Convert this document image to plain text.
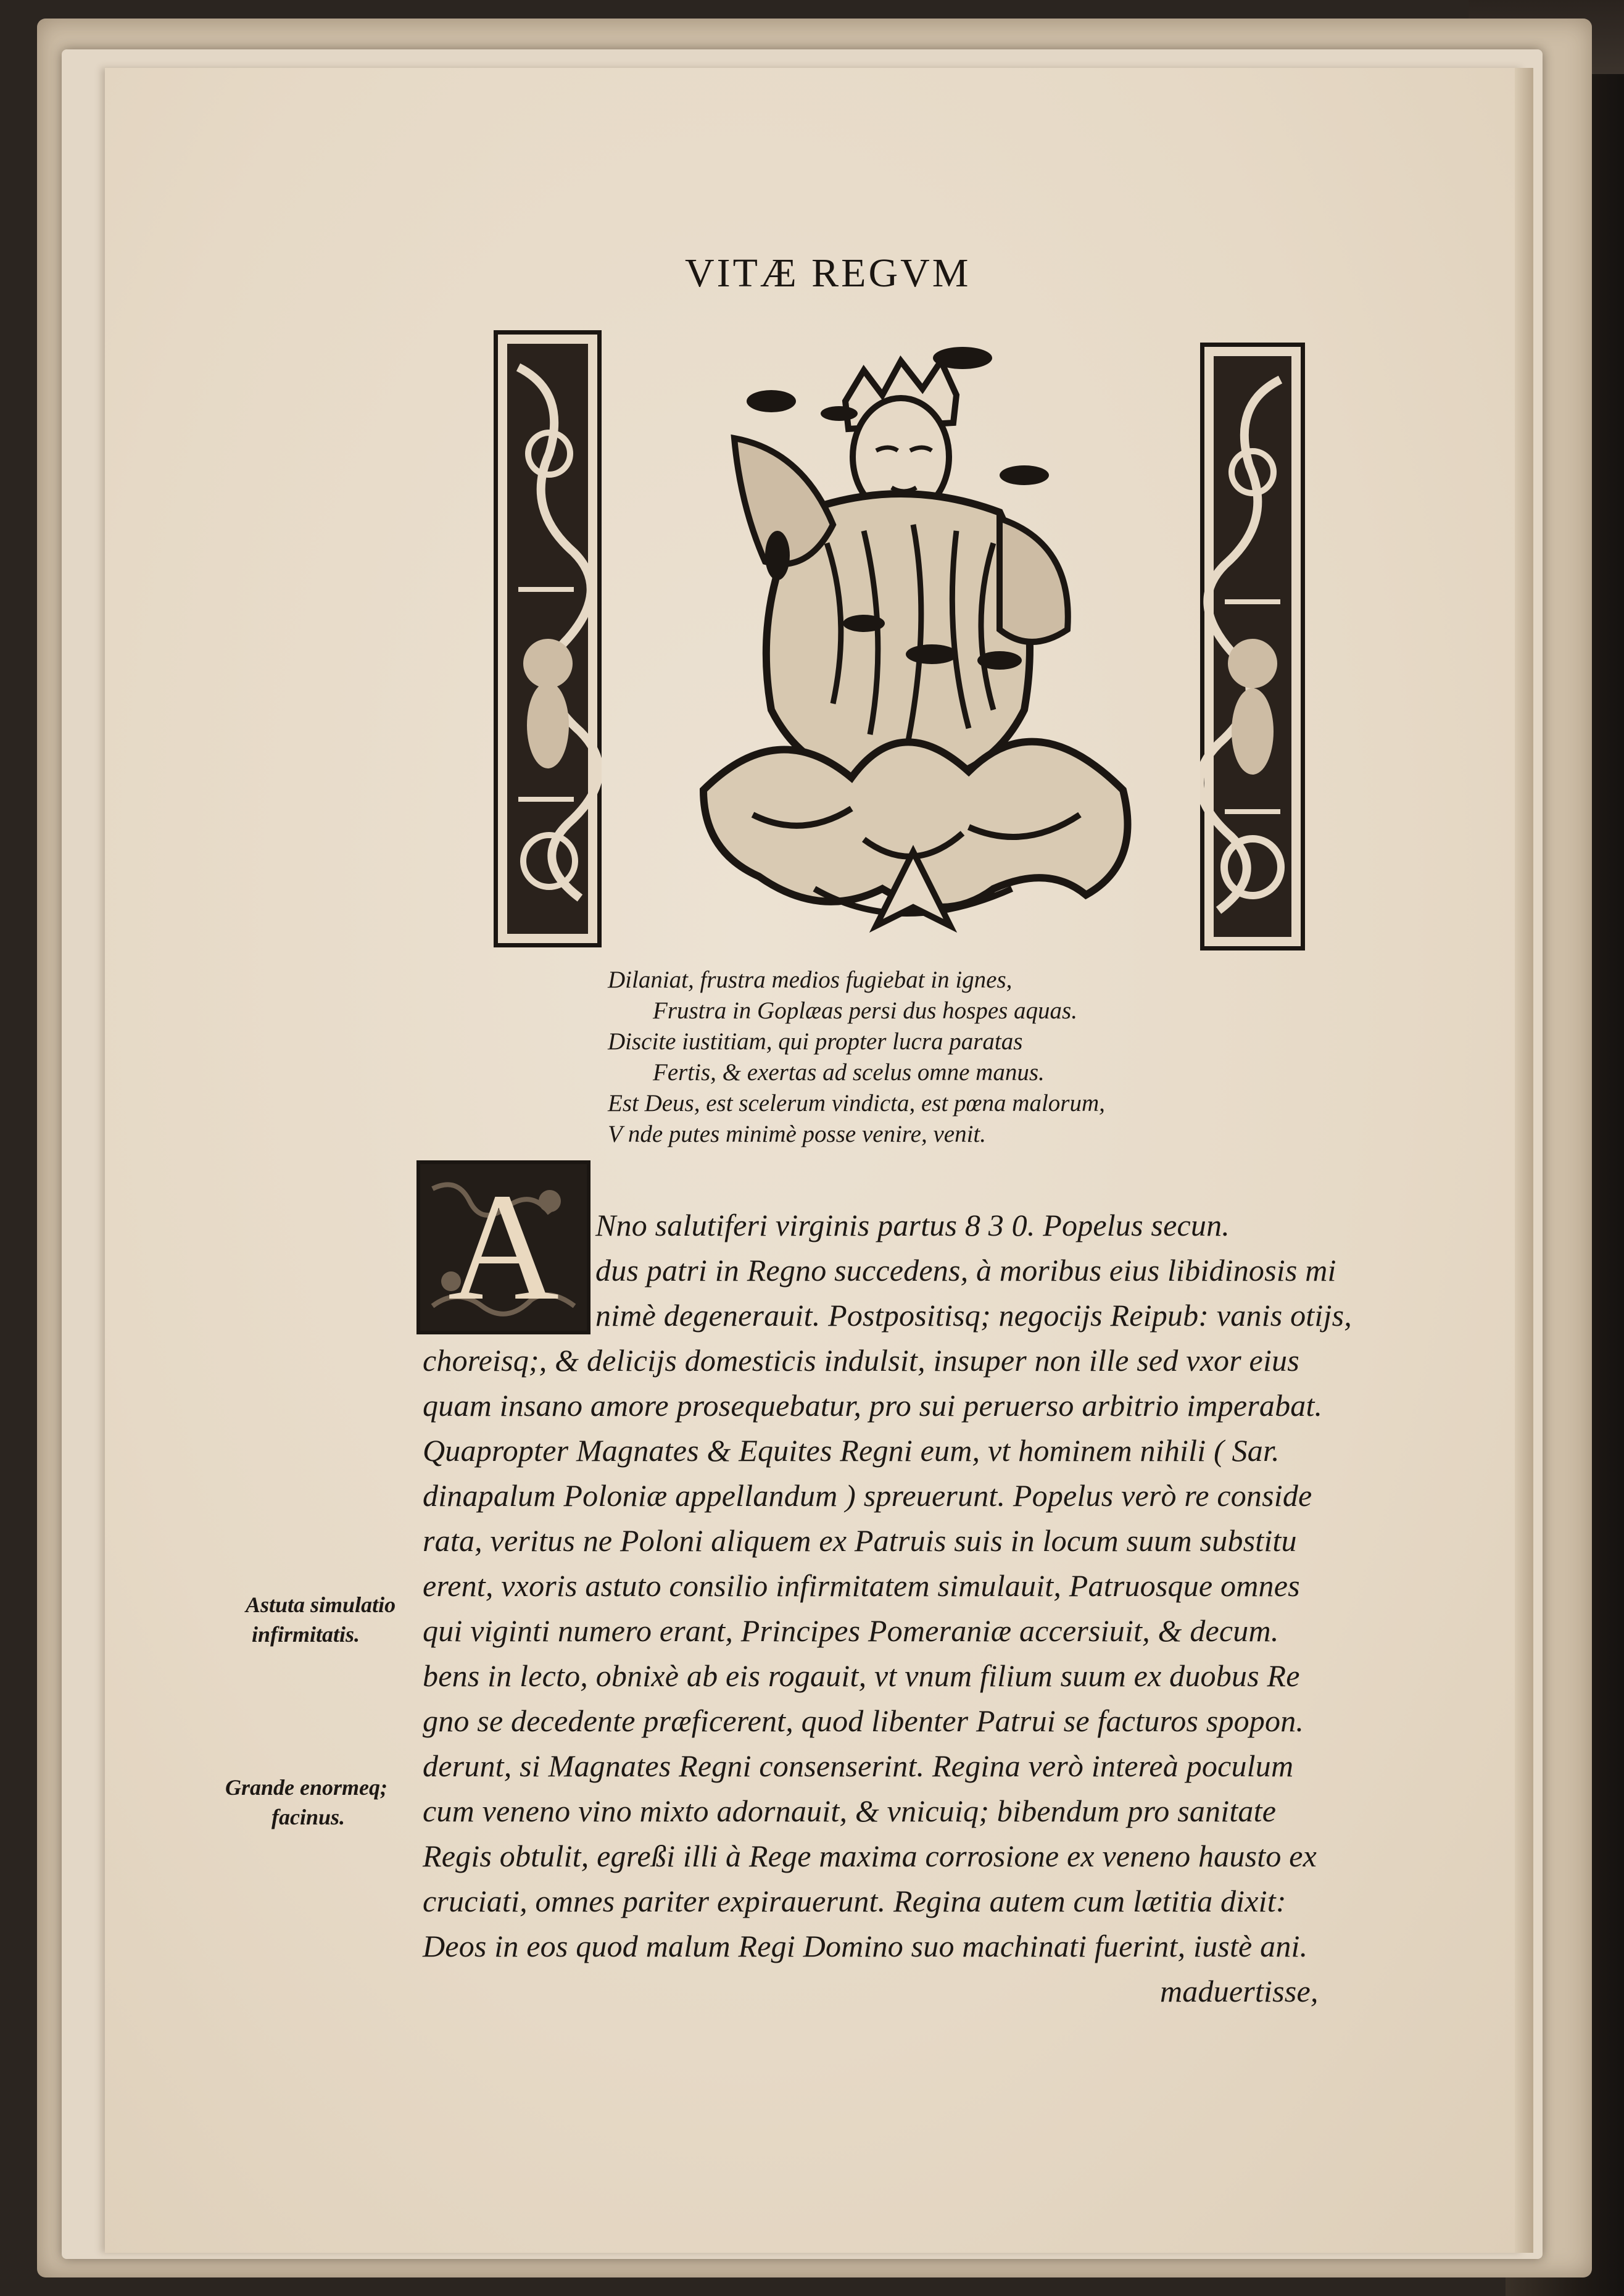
VITÆ REGVM
Dilaniat, frustra medios fugiebat in ignes,
Frustra in Goplæas persi dus hospes aquas.
Discite iustitiam, qui propter lucra paratas
Fertis, & exertas ad scelus omne manus.
Est Deus, est scelerum vindicta, est pœna malorum,
V nde putes minimè posse venire, venit.
A	Nno salutiferi virginis partus 8 3 0. Popelus secun.
dus patri in Regno succedens, à moribus eius libidinosis mi
nimè degenerauit. Postpositisq; negocijs Reipub: vanis otijs,
choreisq;, & delicijs domesticis indulsit, insuper non ille sed vxor eius
quam insano amore prosequebatur, pro sui peruerso arbitrio imperabat.
Quapropter Magnates & Equites Regni eum, vt hominem nihili ( Sar.
dinapalum Poloniæ appellandum ) spreuerunt. Popelus verò re conside
rata, veritus ne Poloni aliquem ex Patruis suis in locum suum substitu
erent, vxoris astuto consilio infirmitatem simulauit, Patruosque omnes
qui viginti numero erant, Principes Pomeraniæ accersiuit, & decum.
bens in lecto, obnixè ab eis rogauit, vt vnum filium suum ex duobus Re
gno se decedente præficerent, quod libenter Patrui se facturos spopon.
derunt, si Magnates Regni consenserint. Regina verò intereà poculum
cum veneno vino mixto adornauit, & vnicuiq; bibendum pro sanitate
Regis obtulit, egreßi illi à Rege maxima corrosione ex veneno hausto ex
cruciati, omnes pariter expirauerunt. Regina autem cum lætitia dixit:
Deos in eos quod malum Regi Domino suo machinati fuerint, iustè ani.
maduertisse,
Astuta simulatio
infirmitatis.
Grande enormeq;
facinus.
